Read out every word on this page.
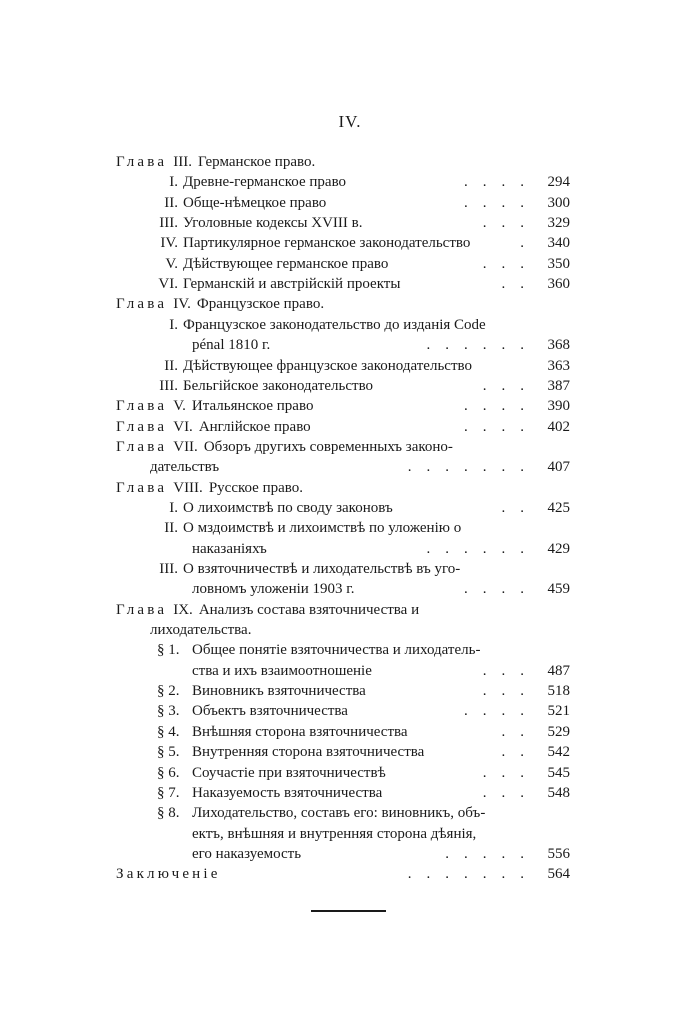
IV.
Глава III. Германское право.
I. Древне-германское право	.    .    .    .	294
II. Обще-нѣмецкое право	.    .    .    .	300
III. Уголовные кодексы XVIII в.	.    .    .	329
IV. Партикулярное германское законодательство	.	340
V. Дѣйствующее германское право	.    .    .	350
VI. Германскій и австрійскій проекты	.    .	360
Глава IV. Французское право.
I. Французское законодательство до изданія Code
pénal 1810 г.	.    .    .    .    .    .	368
II. Дѣйствующее французское законодательство	363
III. Бельгійское законодательство	.    .    .	387
Глава V. Итальянское право	.    .    .    .	390
Глава VI. Англійское право	.    .    .    .	402
Глава VII. Обзоръ другихъ современныхъ законо-
дательствъ	.    .    .    .    .    .    .	407
Глава VIII. Русское право.
I. О лихоимствѣ по своду законовъ	.    .	425
II. О мздоимствѣ и лихоимствѣ по уложенію о
наказаніяхъ	.    .    .    .    .    .	429
III. О взяточничествѣ и лиходательствѣ въ уго-
ловномъ уложеніи 1903 г.	.    .    .    .	459
Глава IX. Анализъ состава взяточничества и
лиходательства.
§ 1. Общее понятіе взяточничества и лиходатель-
ства и ихъ взаимоотношеніе	.    .    .	487
§ 2. Виновникъ взяточничества	.    .    .	518
§ 3. Объектъ взяточничества	.    .    .    .	521
§ 4. Внѣшняя сторона взяточничества	.    .	529
§ 5. Внутренняя сторона взяточничества	.    .	542
§ 6. Соучастіе при взяточничествѣ	.    .    .	545
§ 7. Наказуемость взяточничества	.    .    .	548
§ 8. Лиходательство, составъ его: виновникъ, объ-
ектъ, внѣшняя и внутренняя сторона дѣянія,
его наказуемость	.    .    .    .    .	556
Заключеніе	.    .    .    .    .    .    .	564
